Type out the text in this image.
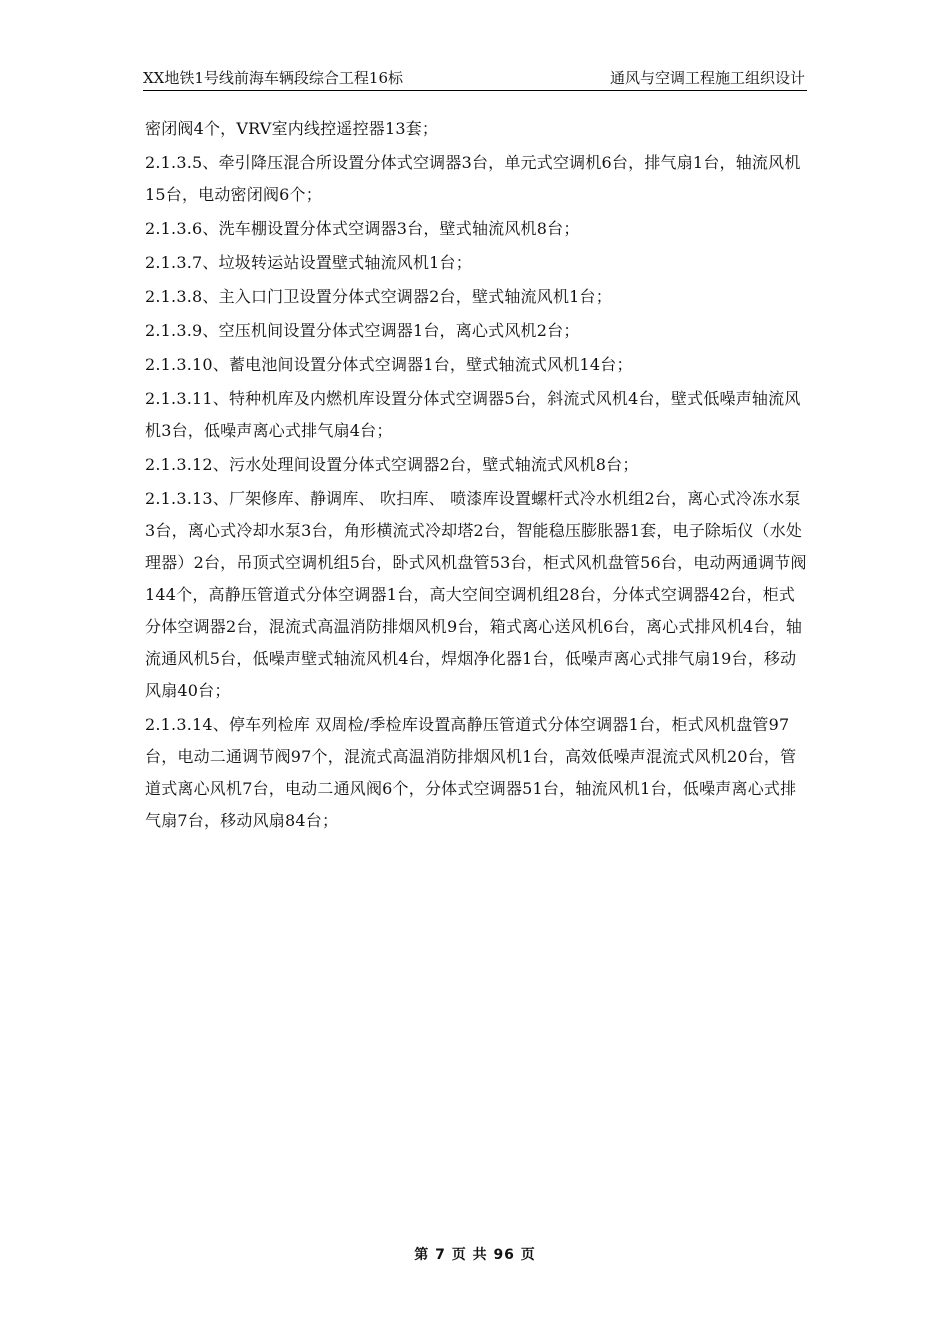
XX地铁1号线前海车辆段综合工程16标	通风与空调工程施工组织设计

密闭阀4个，VRV室内线控遥控器13套；

2.1.3.5、牵引降压混合所设置分体式空调器3台，单元式空调机6台，排气扇1台，轴流风机15台，电动密闭阀6个；

2.1.3.6、洗车棚设置分体式空调器3台，壁式轴流风机8台；

2.1.3.7、垃圾转运站设置壁式轴流风机1台；

2.1.3.8、主入口门卫设置分体式空调器2台，壁式轴流风机1台；

2.1.3.9、空压机间设置分体式空调器1台，离心式风机2台；

2.1.3.10、蓄电池间设置分体式空调器1台，壁式轴流式风机14台；

2.1.3.11、特种机库及内燃机库设置分体式空调器5台，斜流式风机4台，壁式低噪声轴流风机3台，低噪声离心式排气扇4台；

2.1.3.12、污水处理间设置分体式空调器2台，壁式轴流式风机8台；

2.1.3.13、厂架修库、静调库、 吹扫库、 喷漆库设置螺杆式冷水机组2台，离心式冷冻水泵3台，离心式冷却水泵3台，角形横流式冷却塔2台，智能稳压膨胀器1套，电子除垢仪（水处理器）2台，吊顶式空调机组5台，卧式风机盘管53台，柜式风机盘管56台，电动两通调节阀144个，高静压管道式分体空调器1台，高大空间空调机组28台，分体式空调器42台，柜式分体空调器2台，混流式高温消防排烟风机9台，箱式离心送风机6台，离心式排风机4台，轴流通风机5台，低噪声壁式轴流风机4台，焊烟净化器1台，低噪声离心式排气扇19台，移动风扇40台；

2.1.3.14、停车列检库 双周检/季检库设置高静压管道式分体空调器1台，柜式风机盘管97台，电动二通调节阀97个，混流式高温消防排烟风机1台，高效低噪声混流式风机20台，管道式离心风机7台，电动二通风阀6个，分体式空调器51台，轴流风机1台，低噪声离心式排气扇7台，移动风扇84台；

第 7 页 共 96 页
